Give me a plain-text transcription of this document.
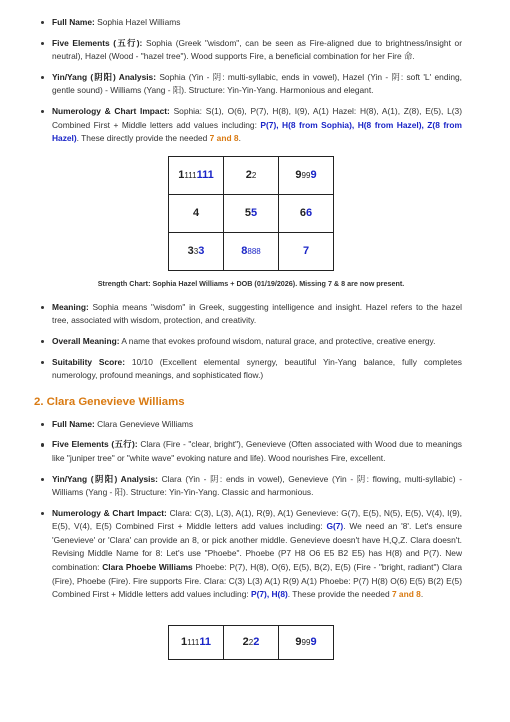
Full Name: Sophia Hazel Williams
Five Elements (五行): Sophia (Greek "wisdom", can be seen as Fire-aligned due to brightness/insight or neutral), Hazel (Wood - "hazel tree"). Wood supports Fire, a beneficial combination for her Fire 命.
Yin/Yang (阴阳) Analysis: Sophia (Yin - 阴: multi-syllabic, ends in vowel), Hazel (Yin - 阴: soft 'L' ending, gentle sound) - Williams (Yang - 阳). Structure: Yin-Yin-Yang. Harmonious and elegant.
Numerology & Chart Impact: Sophia: S(1), O(6), P(7), H(8), I(9), A(1) Hazel: H(8), A(1), Z(8), E(5), L(3) Combined First + Middle letters add values including: P(7), H(8 from Sophia), H(8 from Hazel), Z(8 from Hazel). These directly provide the needed 7 and 8.
1111111	22	9999
4	55	66
333	8888	7
Strength Chart: Sophia Hazel Williams + DOB (01/19/2026). Missing 7 & 8 are now present.
Meaning: Sophia means "wisdom" in Greek, suggesting intelligence and insight. Hazel refers to the hazel tree, associated with wisdom, protection, and creativity.
Overall Meaning: A name that evokes profound wisdom, natural grace, and protective, creative energy.
Suitability Score: 10/10 (Excellent elemental synergy, beautiful Yin-Yang balance, fully completes numerology, profound meanings, and sophisticated flow.)
2. Clara Genevieve Williams
Full Name: Clara Genevieve Williams
Five Elements (五行): Clara (Fire - "clear, bright"), Genevieve (Often associated with Wood due to meanings like "juniper tree" or "white wave" evoking nature and life). Wood nourishes Fire, excellent.
Yin/Yang (阴阳) Analysis: Clara (Yin - 阴: ends in vowel), Genevieve (Yin - 阴: flowing, multi-syllabic) - Williams (Yang - 阳). Structure: Yin-Yin-Yang. Classic and harmonious.
Numerology & Chart Impact: Clara: C(3), L(3), A(1), R(9), A(1) Genevieve: G(7), E(5), N(5), E(5), V(4), I(9), E(5), V(4), E(5) Combined First + Middle letters add values including: G(7). We need an '8'. Let's ensure 'Genevieve' or 'Clara' can provide an 8, or pick another middle. Genevieve doesn't have H,Q,Z. Clara doesn't. Revising Middle Name for 8: Let's use "Phoebe". Phoebe (P7 H8 O6 E5 B2 E5) has H(8) and P(7). New combination: Clara Phoebe Williams Phoebe: P(7), H(8), O(6), E(5), B(2), E(5) (Fire - "bright, radiant") Clara (Fire), Phoebe (Fire). Fire supports Fire. Clara: C(3) L(3) A(1) R(9) A(1) Phoebe: P(7) H(8) O(6) E(5) B(2) E(5) Combined First + Middle letters add values including: P(7), H(8). These provide the needed 7 and 8.
111111	222	9999
